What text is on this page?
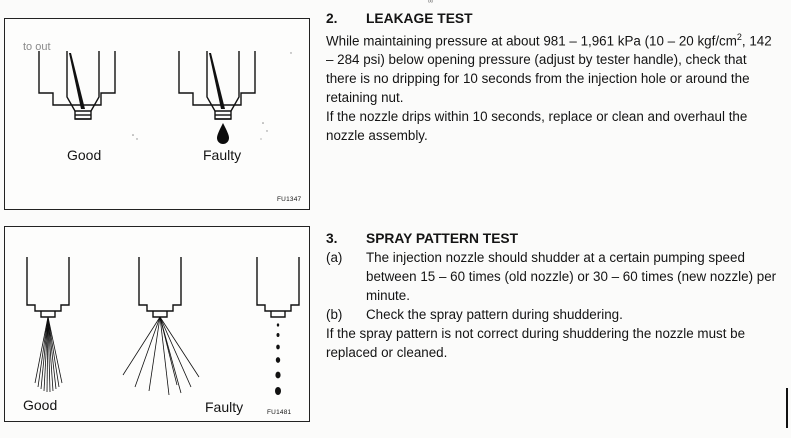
ºº
to out
Good	Faulty
FU1347
Good	Faulty	FU1481
2. LEAKAGE TEST

While maintaining pressure at about 981 – 1,961 kPa (10 – 20 kgf/$cm^2$, 142 – 284 psi) below opening pressure (adjust by tester handle), check that there is no dripping for 10 seconds from the injection hole or around the retaining nut.

If the nozzle drips within 10 seconds, replace or clean and overhaul the nozzle assembly.

3. SPRAY PATTERN TEST
(a)	The injection nozzle should shudder at a certain pumping speed between 15 – 60 times (old nozzle) or 30 – 60 times (new nozzle) per minute.
(b)	Check the spray pattern during shuddering.

If the spray pattern is not correct during shuddering the nozzle must be replaced or cleaned.
